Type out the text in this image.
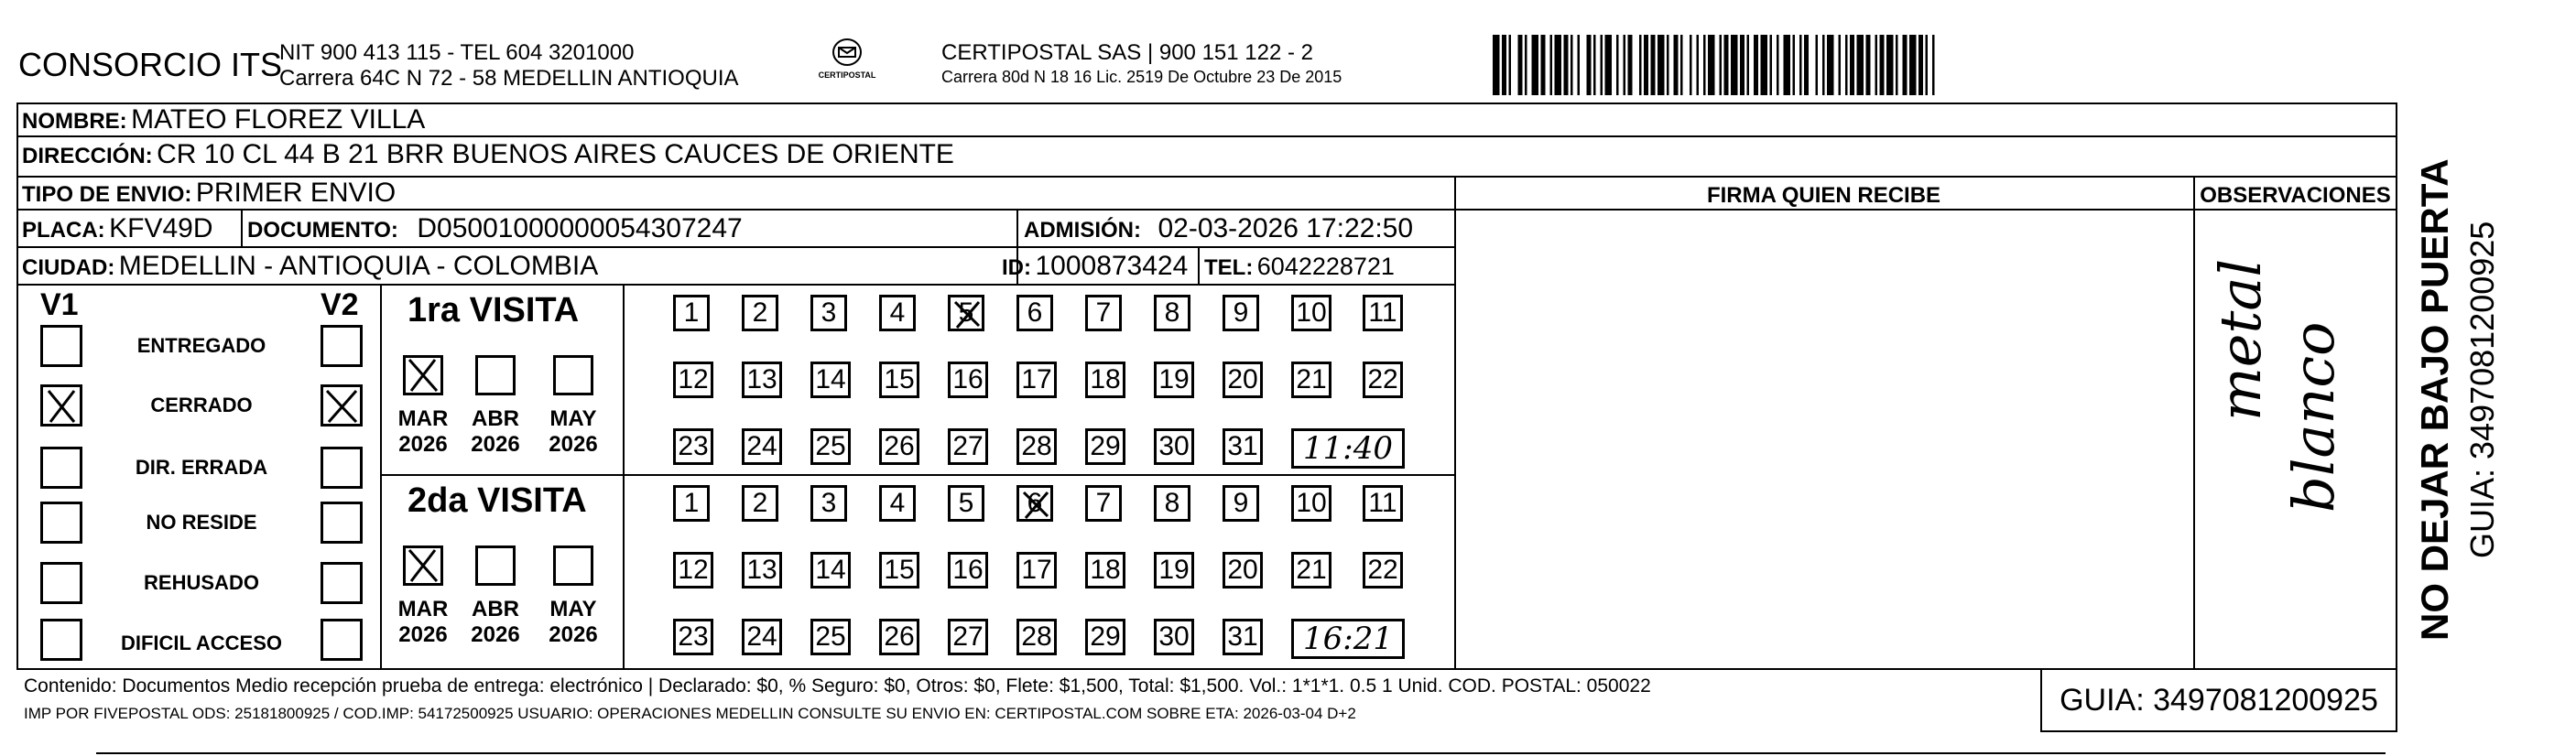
CONSORCIO ITS
NIT 900 413 115 - TEL 604 3201000
Carrera 64C N 72 - 58 MEDELLIN ANTIOQUIA	CERTIPOSTAL
CERTIPOSTAL SAS | 900 151 122 - 2
Carrera 80d N 18 16 Lic. 2519 De Octubre 23 De 2015
NOMBRE: MATEO FLOREZ VILLA
DIRECCIÓN: CR 10 CL 44 B 21 BRR BUENOS AIRES CAUCES DE ORIENTE
TIPO DE ENVIO: PRIMER ENVIO	FIRMA QUIEN RECIBE	OBSERVACIONES
PLACA: KFV49D DOCUMENTO: D05001000000054307247	ADMISIÓN: 02-03-2026 17:22:50
CIUDAD: MEDELLIN - ANTIOQUIA - COLOMBIA	ID: 1000873424 TEL: 6042228721
V1	V2
ENTREGADO
CERRADO
DIR. ERRADA
NO RESIDE
REHUSADO
DIFICIL ACCESO
1ra VISITA
MAR
2026
ABR
2026
MAY
2026
1	2	3	4	5	6	7	8	9	10 11
12 13 14 15 16 17 18 19 20 21 22
23 24 25 26 27 28 29 30 31	11:40
2da VISITA
MAR
2026
ABR
2026
MAY
2026
1	2	3	4	5	6	7	8	9	10 11
12 13 14 15 16 17 18 19 20 21 22
23 24 25 26 27 28 29 30 31	16:21
metal blanco
Contenido: Documentos Medio recepción prueba de entrega: electrónico | Declarado: $0, % Seguro: $0, Otros: $0, Flete: $1,500, Total: $1,500. Vol.: 1*1*1. 0.5 1 Unid. COD. POSTAL: 050022
IMP POR FIVEPOSTAL ODS: 25181800925 / COD.IMP: 54172500925 USUARIO: OPERACIONES MEDELLIN CONSULTE SU ENVIO EN: CERTIPOSTAL.COM SOBRE ETA: 2026-03-04 D+2	GUIA: 3497081200925
NO DEJAR BAJO PUERTA GUIA: 3497081200925
